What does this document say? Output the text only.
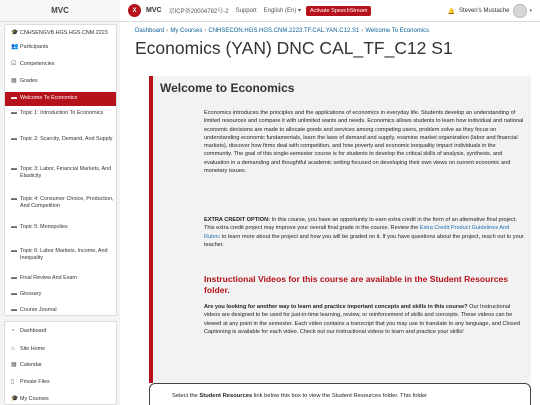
MVC
🎓 CNHSENGVB.HGS.HGS.CNM.2223
👥 Participants
☑ Competencies
▦ Grades
▬ Welcome To Economics
▬ Topic 1: Introduction To Economics
▬ Topic 2: Scarcity, Demand, And Supply
▬ Topic 3: Labor, Financial Markets, And Elasticity
▬ Topic 4: Consumer Choice, Production, And Competition
▬ Topic 5: Monopolies
▬ Topic 6: Labor Markets, Income, And Inequality
▬ Final Review And Exam
▬ Glossary
▬ Course Journal
◔ Dashboard
⌂ Site Home
▦ Calendar
▯	Private Files
🎓 My Courses
X	MVC 京ICP备20004782号-2 Support English (En) ▾	Activate SpeechStream	🔔 Steven's Mustache	▾
Dashboard › My Courses › CNHSECON.HGS.HGS.CNM.2223.TF.CAL.YAN.C12.S1 › Welcome To Economics
Economics (YAN) DNC CAL_TF_C12 S1
Welcome to Economics

Economics introduces the principles and the applications of economics in everyday life. Students develop an understanding of limited resources and compare it with unlimited wants and needs. Economics allows students to learn how individual and national economic decisions are made to allocate goods and services among competing users, problem solve as they focus on understanding economic fundamentals, learn the laws of demand and supply, examine market organization (labor and financial markets), discover how firms deal with competition, and how poverty and economic inequality impact individuals in the community. The goal of this single-semester course is for students to develop the critical skills of analysis, synthesis, and evaluation in a demanding and thoughtful academic setting focused on developing their own views on current economic and monetary issues.

EXTRA CREDIT OPTION: In this course, you have an opportunity to earn extra credit in the form of an alternative final project. This extra credit project may improve your overall final grade in the course. Review the Extra Credit Product Guidelines And Rubric to learn more about the project and how you will be graded on it. If you have questions about the project, reach out to your teacher.

Instructional Videos for this course are available in the Student Resources folder.

Are you looking for another way to learn and practice important concepts and skills in this course? Our Instructional videos are designed to be used for just-in-time learning, review, or reinforcement of skills and concepts. These videos can be viewed at any point in the semester. Each video contains a transcript that you may use to translate to any language, and Closed Captioning is available for each video. Check out our instructional videos to learn and practice your skills!

Select the Student Resources link below this box to view the Student Resources folder. This folder
